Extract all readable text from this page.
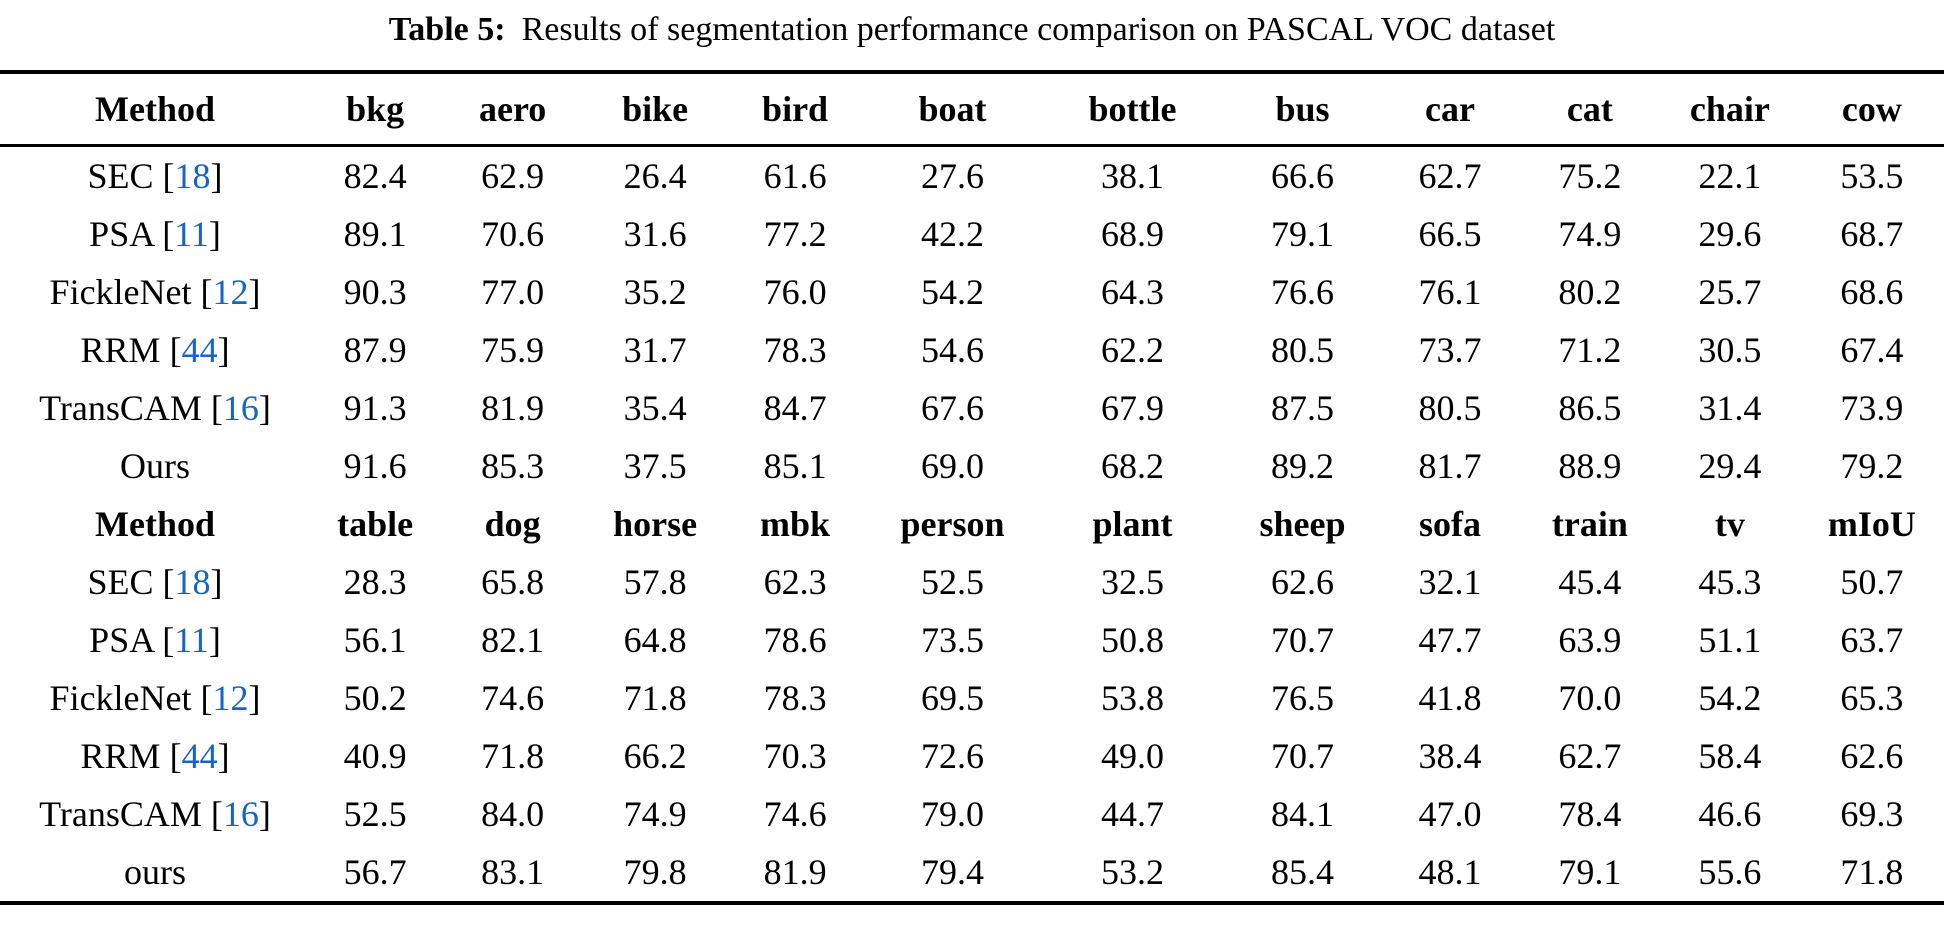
Table 5: Results of segmentation performance comparison on PASCAL VOC dataset
Method	bkg	aero	bike	bird	boat	bottle	bus	car	cat	chair	cow
SEC [18]	82.4	62.9	26.4	61.6	27.6	38.1	66.6	62.7	75.2	22.1	53.5
PSA [11]	89.1	70.6	31.6	77.2	42.2	68.9	79.1	66.5	74.9	29.6	68.7
FickleNet [12]	90.3	77.0	35.2	76.0	54.2	64.3	76.6	76.1	80.2	25.7	68.6
RRM [44]	87.9	75.9	31.7	78.3	54.6	62.2	80.5	73.7	71.2	30.5	67.4
TransCAM [16]	91.3	81.9	35.4	84.7	67.6	67.9	87.5	80.5	86.5	31.4	73.9
Ours	91.6	85.3	37.5	85.1	69.0	68.2	89.2	81.7	88.9	29.4	79.2
Method	table	dog	horse	mbk	person	plant	sheep	sofa	train	tv	mIoU
SEC [18]	28.3	65.8	57.8	62.3	52.5	32.5	62.6	32.1	45.4	45.3	50.7
PSA [11]	56.1	82.1	64.8	78.6	73.5	50.8	70.7	47.7	63.9	51.1	63.7
FickleNet [12]	50.2	74.6	71.8	78.3	69.5	53.8	76.5	41.8	70.0	54.2	65.3
RRM [44]	40.9	71.8	66.2	70.3	72.6	49.0	70.7	38.4	62.7	58.4	62.6
TransCAM [16]	52.5	84.0	74.9	74.6	79.0	44.7	84.1	47.0	78.4	46.6	69.3
ours	56.7	83.1	79.8	81.9	79.4	53.2	85.4	48.1	79.1	55.6	71.8
